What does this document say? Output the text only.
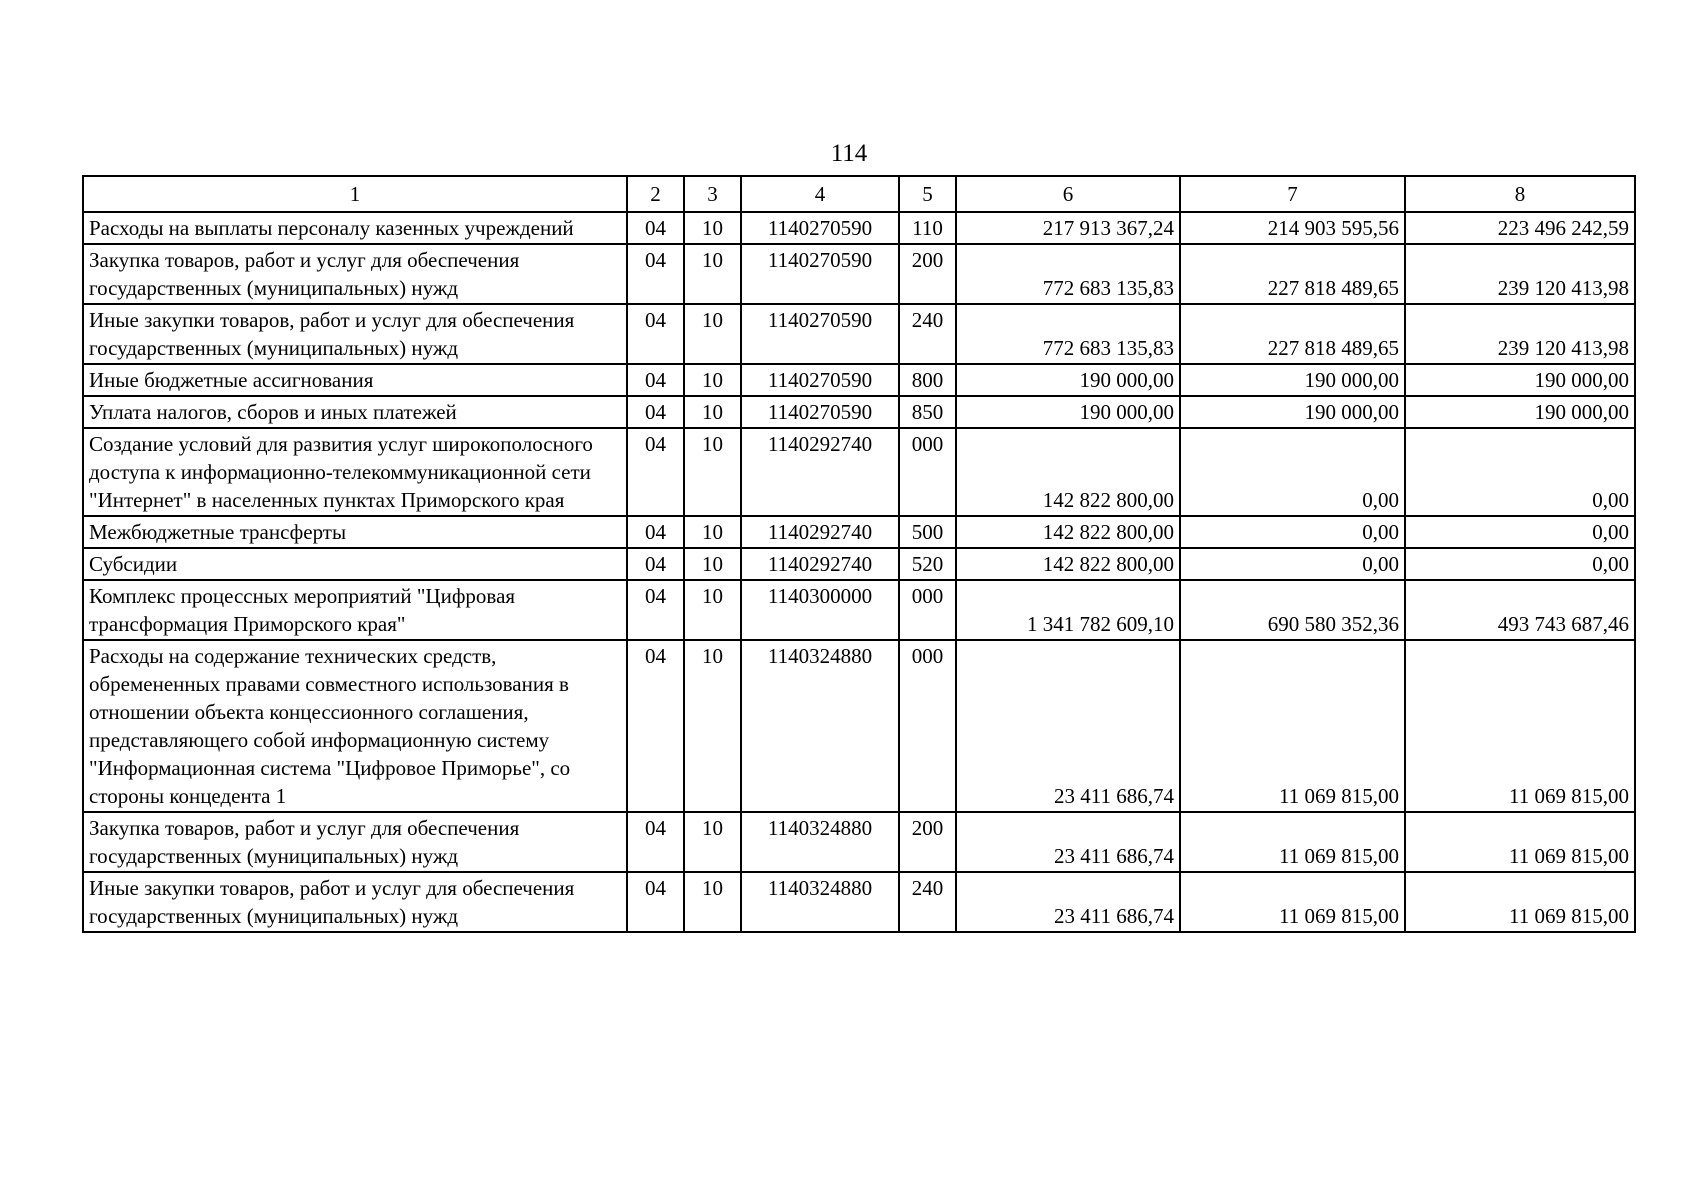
114
1	2	3	4	5	6	7	8
Расходы на выплаты персоналу казенных учреждений	04	10	1140270590	110	217 913 367,24	214 903 595,56	223 496 242,59
Закупка товаров, работ и услуг для обеспечения государственных (муниципальных) нужд	04	10	1140270590	200	772 683 135,83	227 818 489,65	239 120 413,98
Иные закупки товаров, работ и услуг для обеспечения государственных (муниципальных) нужд	04	10	1140270590	240	772 683 135,83	227 818 489,65	239 120 413,98
Иные бюджетные ассигнования	04	10	1140270590	800	190 000,00	190 000,00	190 000,00
Уплата налогов, сборов и иных платежей	04	10	1140270590	850	190 000,00	190 000,00	190 000,00
Создание условий для развития услуг широкополосного доступа к информационно-телекоммуникационной сети "Интернет" в населенных пунктах Приморского края	04	10	1140292740	000	142 822 800,00	0,00	0,00
Межбюджетные трансферты	04	10	1140292740	500	142 822 800,00	0,00	0,00
Субсидии	04	10	1140292740	520	142 822 800,00	0,00	0,00
Комплекс процессных мероприятий "Цифровая трансформация Приморского края"	04	10	1140300000	000	1 341 782 609,10	690 580 352,36	493 743 687,46
Расходы на содержание технических средств, обремененных правами совместного использования в отношении объекта концессионного соглашения, представляющего собой информационную систему "Информационная система "Цифровое Приморье", со стороны концедента 1	04	10	1140324880	000	23 411 686,74	11 069 815,00	11 069 815,00
Закупка товаров, работ и услуг для обеспечения государственных (муниципальных) нужд	04	10	1140324880	200	23 411 686,74	11 069 815,00	11 069 815,00
Иные закупки товаров, работ и услуг для обеспечения государственных (муниципальных) нужд	04	10	1140324880	240	23 411 686,74	11 069 815,00	11 069 815,00
